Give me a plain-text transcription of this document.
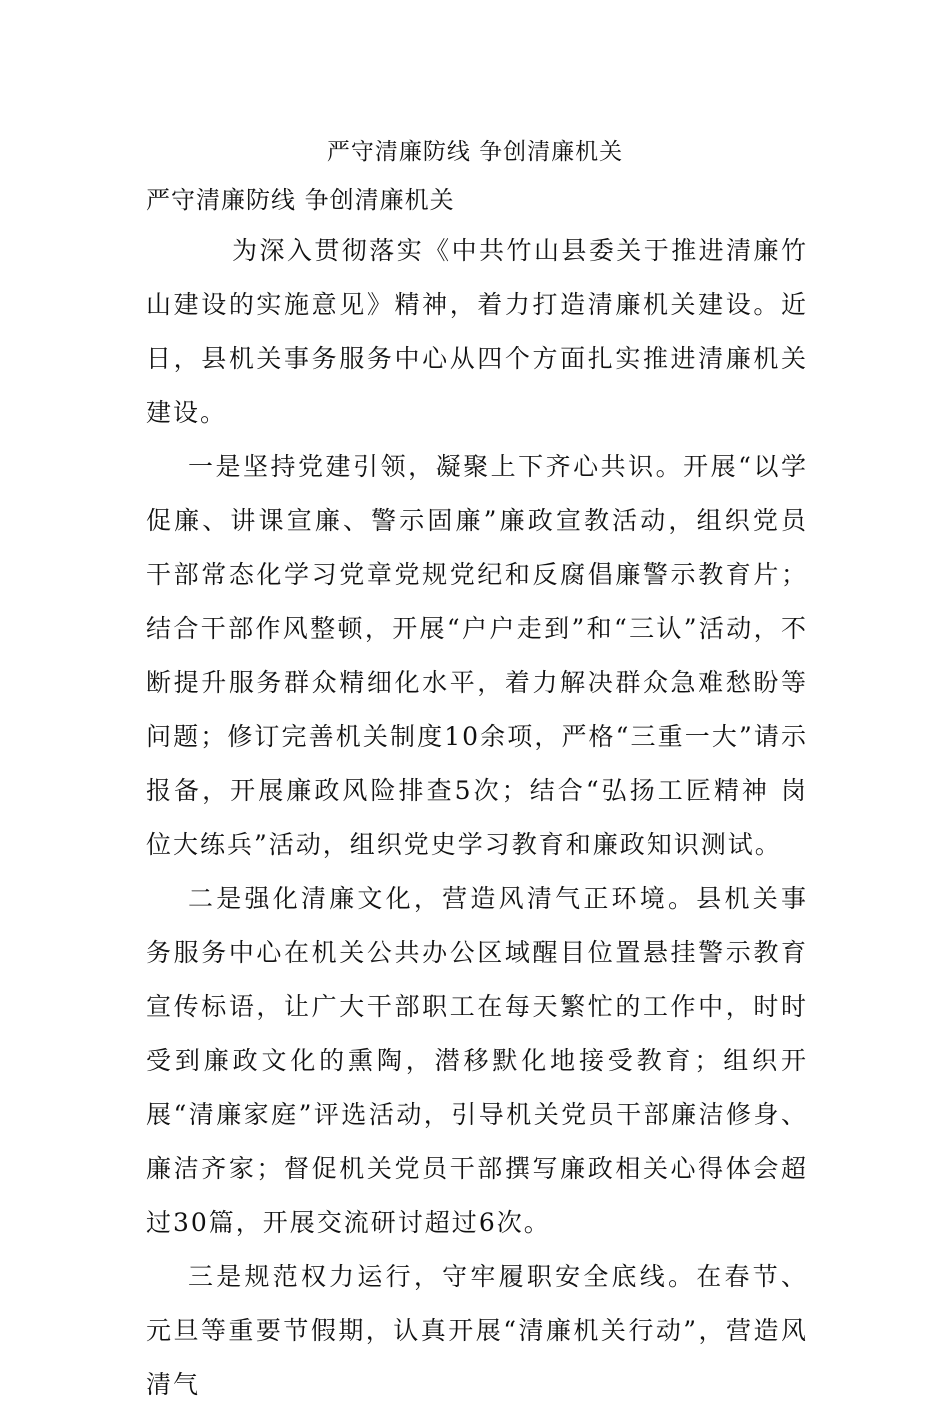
严守清廉防线 争创清廉机关
严守清廉防线 争创清廉机关

为深入贯彻落实《中共竹山县委关于推进清廉竹山建设的实施意见》精神，着力打造清廉机关建设。近日，县机关事务服务中心从四个方面扎实推进清廉机关建设。

一是坚持党建引领，凝聚上下齐心共识。开展“以学促廉、讲课宣廉、警示固廉”廉政宣教活动，组织党员干部常态化学习党章党规党纪和反腐倡廉警示教育片；结合干部作风整顿，开展“户户走到”和“三认”活动，不断提升服务群众精细化水平，着力解决群众急难愁盼等问题；修订完善机关制度10余项，严格“三重一大”请示报备，开展廉政风险排查5次；结合“弘扬工匠精神 岗位大练兵”活动，组织党史学习教育和廉政知识测试。

二是强化清廉文化，营造风清气正环境。县机关事务服务中心在机关公共办公区域醒目位置悬挂警示教育宣传标语，让广大干部职工在每天繁忙的工作中，时时受到廉政文化的熏陶，潜移默化地接受教育；组织开展“清廉家庭”评选活动，引导机关党员干部廉洁修身、廉洁齐家；督促机关党员干部撰写廉政相关心得体会超过30篇，开展交流研讨超过6次。

三是规范权力运行，守牢履职安全底线。在春节、元旦等重要节假期，认真开展“清廉机关行动”，营造风清气
